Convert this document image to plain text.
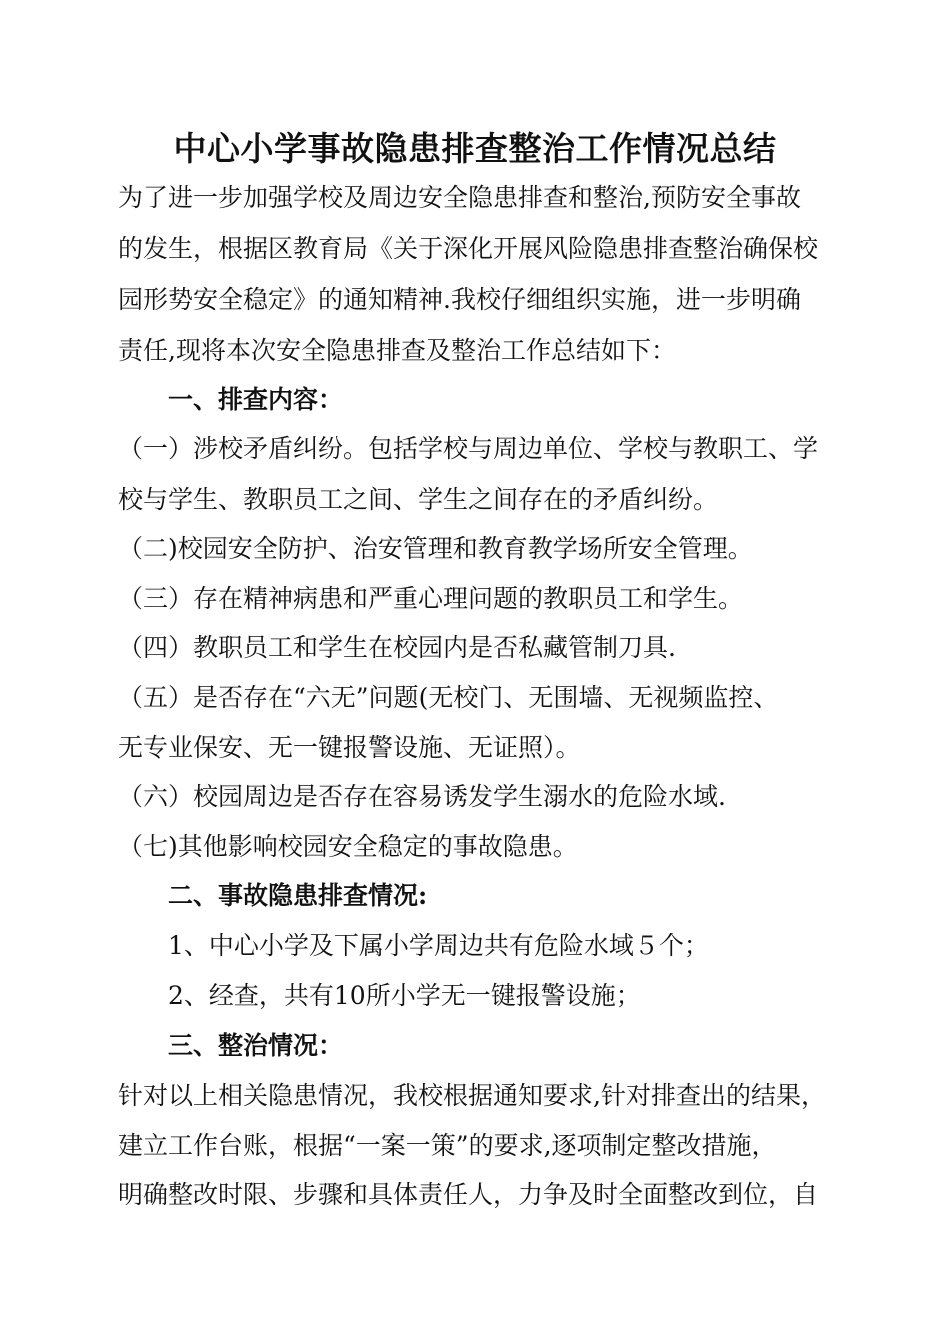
中心小学事故隐患排查整治工作情况总结
为了进一步加强学校及周边安全隐患排查和整治,预防安全事故
的发生，根据区教育局《关于深化开展风险隐患排查整治确保校
园形势安全稳定》的通知精神.我校仔细组织实施，进一步明确
责任,现将本次安全隐患排查及整治工作总结如下：
一、排查内容：
（一）涉校矛盾纠纷。包括学校与周边单位、学校与教职工、学
校与学生、教职员工之间、学生之间存在的矛盾纠纷。
（二)校园安全防护、治安管理和教育教学场所安全管理。
（三）存在精神病患和严重心理问题的教职员工和学生。
（四）教职员工和学生在校园内是否私藏管制刀具.
（五）是否存在“六无”问题(无校门、无围墙、无视频监控、
无专业保安、无一键报警设施、无证照）。
（六）校园周边是否存在容易诱发学生溺水的危险水域.
（七)其他影响校园安全稳定的事故隐患。
二、事故隐患排查情况:
1、中心小学及下属小学周边共有危险水域５个；
2、经查，共有10所小学无一键报警设施；
三、整治情况：
针对以上相关隐患情况，我校根据通知要求,针对排查出的结果，
建立工作台账，根据“一案一策”的要求,逐项制定整改措施，
明确整改时限、步骤和具体责任人，力争及时全面整改到位，自
